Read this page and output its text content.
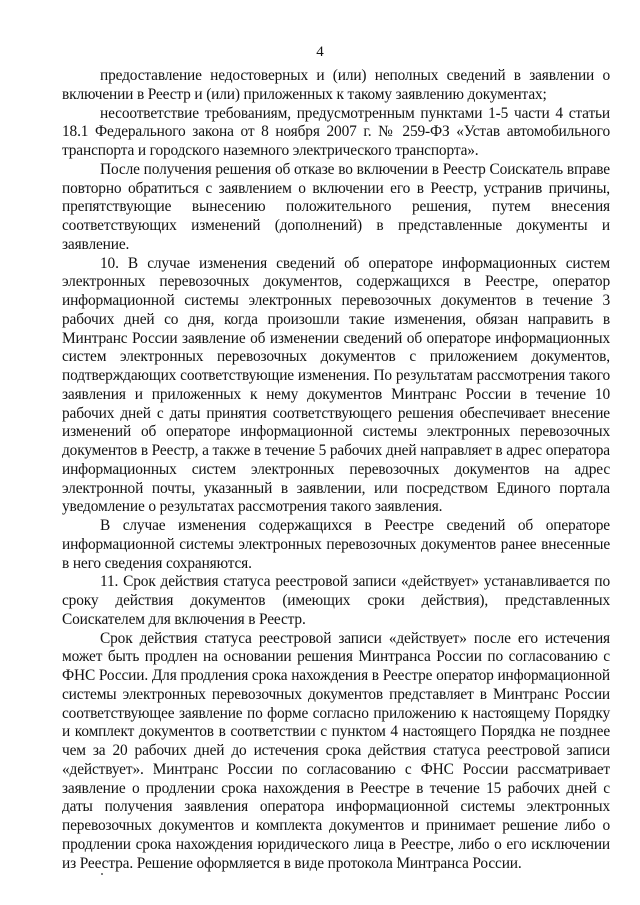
4

предоставление недостоверных и (или) неполных сведений в заявлении о включении в Реестр и (или) приложенных к такому заявлению документах;

несоответствие требованиям, предусмотренным пунктами 1-5 части 4 статьи 18.1 Федерального закона от 8 ноября 2007 г. № 259-ФЗ «Устав автомобильного транспорта и городского наземного электрического транспорта».

После получения решения об отказе во включении в Реестр Соискатель вправе повторно обратиться с заявлением о включении его в Реестр, устранив причины, препятствующие вынесению положительного решения, путем внесения соответствующих изменений (дополнений) в представленные документы и заявление.

10. В случае изменения сведений об операторе информационных систем электронных перевозочных документов, содержащихся в Реестре, оператор информационной системы электронных перевозочных документов в течение 3 рабочих дней со дня, когда произошли такие изменения, обязан направить в Минтранс России заявление об изменении сведений об операторе информационных систем электронных перевозочных документов с приложением документов, подтверждающих соответствующие изменения. По результатам рассмотрения такого заявления и приложенных к нему документов Минтранс России в течение 10 рабочих дней с даты принятия соответствующего решения обеспечивает внесение изменений об операторе информационной системы электронных перевозочных документов в Реестр, а также в течение 5 рабочих дней направляет в адрес оператора информационных систем электронных перевозочных документов на адрес электронной почты, указанный в заявлении, или посредством Единого портала уведомление о результатах рассмотрения такого заявления.

В случае изменения содержащихся в Реестре сведений об операторе информационной системы электронных перевозочных документов ранее внесенные в него сведения сохраняются.

11. Срок действия статуса реестровой записи «действует» устанавливается по сроку действия документов (имеющих сроки действия), представленных Соискателем для включения в Реестр.

Срок действия статуса реестровой записи «действует» после его истечения может быть продлен на основании решения Минтранса России по согласованию с ФНС России. Для продления срока нахождения в Реестре оператор информационной системы электронных перевозочных документов представляет в Минтранс России соответствующее заявление по форме согласно приложению к настоящему Порядку и комплект документов в соответствии с пунктом 4 настоящего Порядка не позднее чем за 20 рабочих дней до истечения срока действия статуса реестровой записи «действует». Минтранс России по согласованию с ФНС России рассматривает заявление о продлении срока нахождения в Реестре в течение 15 рабочих дней с даты получения заявления оператора информационной системы электронных перевозочных документов и комплекта документов и принимает решение либо о продлении срока нахождения юридического лица в Реестре, либо о его исключении из Реестра. Решение оформляется в виде протокола Минтранса России.
